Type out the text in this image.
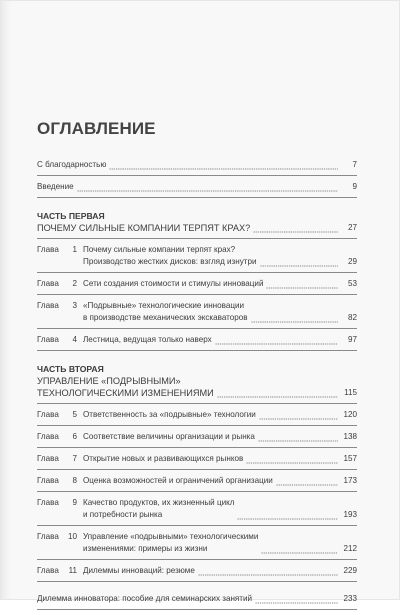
ОГЛАВЛЕНИЕ
С благодарностью	7
Введение	9
ЧАСТЬ ПЕРВАЯ
ПОЧЕМУ СИЛЬНЫЕ КОМПАНИИ ТЕРПЯТ КРАХ?	27
Глава	1 Почему сильные компании терпят крах?
Производство жестких дисков: взгляд изнутри	29
Глава	2 Сети создания стоимости и стимулы инноваций	53
Глава	3 «Подрывные» технологические инновации
в производстве механических экскаваторов	82
Глава	4 Лестница, ведущая только наверх	97
ЧАСТЬ ВТОРАЯ
УПРАВЛЕНИЕ «ПОДРЫВНЫМИ»
ТЕХНОЛОГИЧЕСКИМИ ИЗМЕНЕНИЯМИ	115
Глава	5 Ответственность за «подрывные» технологии	120
Глава	6 Соответствие величины организации и рынка	138
Глава	7 Открытие новых и развивающихся рынков	157
Глава	8 Оценка возможностей и ограничений организации	173
Глава	9 Качество продуктов, их жизненный цикл
и потребности рынка	193
Глава	10 Управление «подрывными» технологическими
изменениями: примеры из жизни	212
Глава	11 Дилеммы инноваций: резюме	229
Дилемма инноватора: пособие для семинарских занятий	233
